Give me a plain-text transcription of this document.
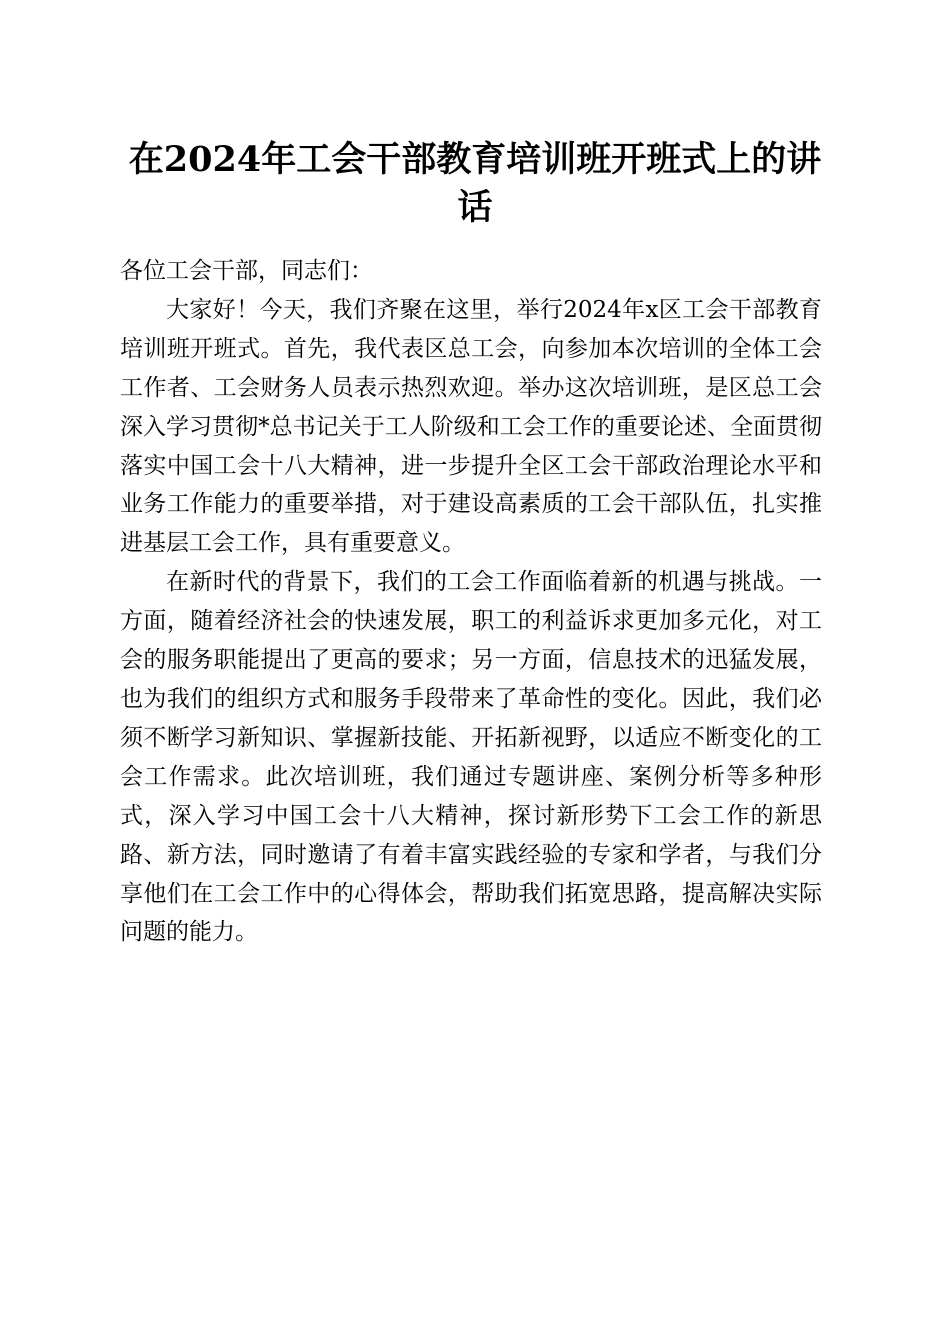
在2024年工会干部教育培训班开班式上的讲话

各位工会干部，同志们：

大家好！今天，我们齐聚在这里，举行2024年x区工会干部教育培训班开班式。首先，我代表区总工会，向参加本次培训的全体工会工作者、工会财务人员表示热烈欢迎。举办这次培训班，是区总工会深入学习贯彻*总书记关于工人阶级和工会工作的重要论述、全面贯彻落实中国工会十八大精神，进一步提升全区工会干部政治理论水平和业务工作能力的重要举措，对于建设高素质的工会干部队伍，扎实推进基层工会工作，具有重要意义。

在新时代的背景下，我们的工会工作面临着新的机遇与挑战。一方面，随着经济社会的快速发展，职工的利益诉求更加多元化，对工会的服务职能提出了更高的要求；另一方面，信息技术的迅猛发展，也为我们的组织方式和服务手段带来了革命性的变化。因此，我们必须不断学习新知识、掌握新技能、开拓新视野，以适应不断变化的工会工作需求。此次培训班，我们通过专题讲座、案例分析等多种形式，深入学习中国工会十八大精神，探讨新形势下工会工作的新思路、新方法，同时邀请了有着丰富实践经验的专家和学者，与我们分享他们在工会工作中的心得体会，帮助我们拓宽思路，提高解决实际问题的能力。
